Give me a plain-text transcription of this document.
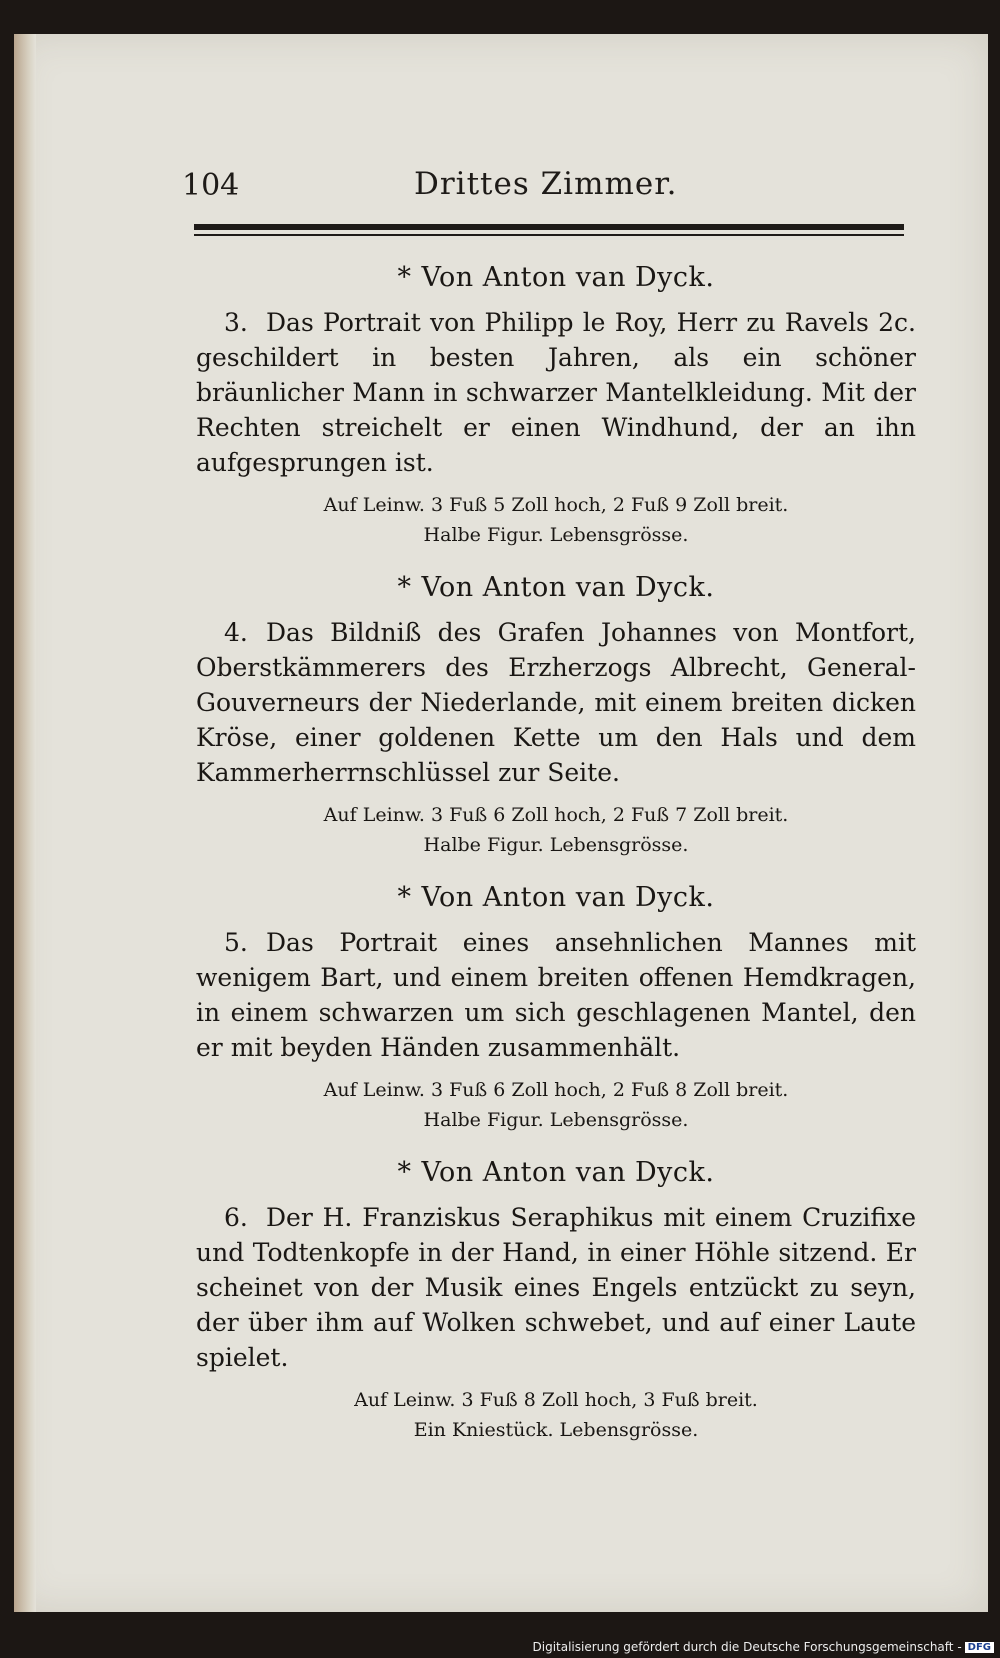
104	Drittes Zimmer.

* Von Anton van Dyck.

3. Das Portrait von Philipp le Roy, Herr zu Ravels 2c. geschildert in besten Jahren, als ein schöner bräunlicher Mann in schwarzer Mantelkleidung. Mit der Rechten streichelt er einen Windhund, der an ihn aufgesprungen ist.

Auf Leinw. 3 Fuß 5 Zoll hoch, 2 Fuß 9 Zoll breit.

Halbe Figur. Lebensgrösse.

* Von Anton van Dyck.

4. Das Bildniß des Grafen Johannes von Montfort, Oberstkämmerers des Erzherzogs Albrecht, General-Gouverneurs der Niederlande, mit einem breiten dicken Kröse, einer goldenen Kette um den Hals und dem Kammerherrnschlüssel zur Seite.

Auf Leinw. 3 Fuß 6 Zoll hoch, 2 Fuß 7 Zoll breit.

Halbe Figur. Lebensgrösse.

* Von Anton van Dyck.

5. Das Portrait eines ansehnlichen Mannes mit wenigem Bart, und einem breiten offenen Hemdkragen, in einem schwarzen um sich geschlagenen Mantel, den er mit beyden Händen zusammenhält.

Auf Leinw. 3 Fuß 6 Zoll hoch, 2 Fuß 8 Zoll breit.

Halbe Figur. Lebensgrösse.

* Von Anton van Dyck.

6. Der H. Franziskus Seraphikus mit einem Cruzifixe und Todtenkopfe in der Hand, in einer Höhle sitzend. Er scheinet von der Musik eines Engels entzückt zu seyn, der über ihm auf Wolken schwebet, und auf einer Laute spielet.

Auf Leinw. 3 Fuß 8 Zoll hoch, 3 Fuß breit.

Ein Kniestück. Lebensgrösse.

Digitalisierung gefördert durch die Deutsche Forschungsgemeinschaft - DFG
